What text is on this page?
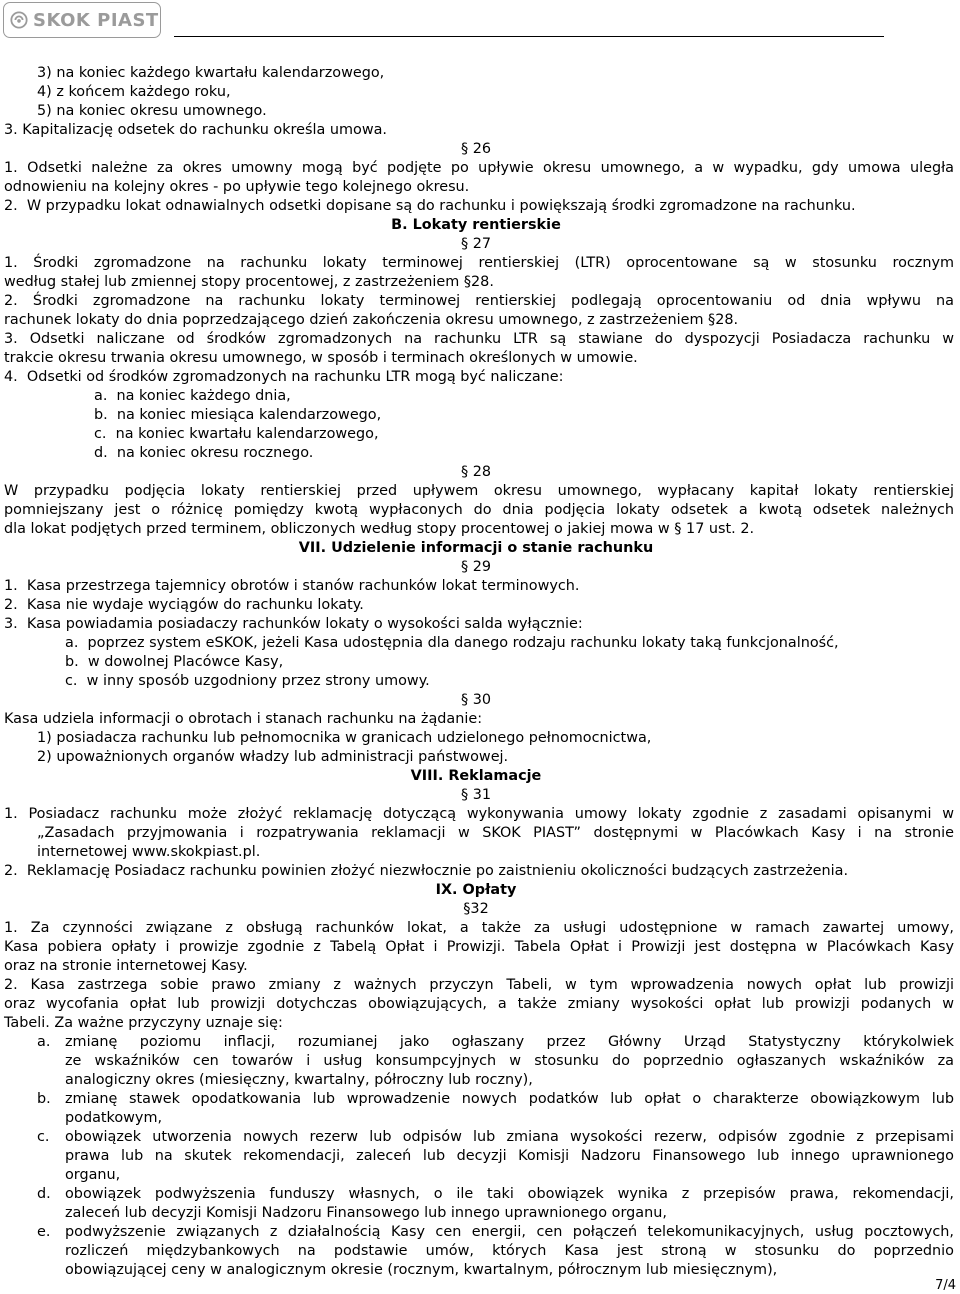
SKOK PIAST

3) na koniec każdego kwartału kalendarzowego,

4) z końcem każdego roku,

5) na koniec okresu umownego.

3. Kapitalizację odsetek do rachunku określa umowa.

§ 26

1. Odsetki należne za okres umowny mogą być podjęte po upływie okresu umownego, a w wypadku, gdy umowa uległa

odnowieniu na kolejny okres - po upływie tego kolejnego okresu.

2.  W przypadku lokat odnawialnych odsetki dopisane są do rachunku i powiększają środki zgromadzone na rachunku.

B. Lokaty rentierskie

§ 27

1. Środki zgromadzone na rachunku lokaty terminowej rentierskiej (LTR) oprocentowane są w stosunku rocznym

według stałej lub zmiennej stopy procentowej, z zastrzeżeniem §28.

2. Środki zgromadzone na rachunku lokaty terminowej rentierskiej podlegają oprocentowaniu od dnia wpływu na

rachunek lokaty do dnia poprzedzającego dzień zakończenia okresu umownego, z zastrzeżeniem §28.

3. Odsetki naliczane od środków zgromadzonych na rachunku LTR są stawiane do dyspozycji Posiadacza rachunku w

trakcie okresu trwania okresu umownego, w sposób i terminach określonych w umowie.

4.  Odsetki od środków zgromadzonych na rachunku LTR mogą być naliczane:

a.  na koniec każdego dnia,

b.  na koniec miesiąca kalendarzowego,

c.  na koniec kwartału kalendarzowego,

d.  na koniec okresu rocznego.

§ 28

W przypadku podjęcia lokaty rentierskiej przed upływem okresu umownego, wypłacany kapitał lokaty rentierskiej

pomniejszany jest o różnicę pomiędzy kwotą wypłaconych do dnia podjęcia lokaty odsetek a kwotą odsetek należnych

dla lokat podjętych przed terminem, obliczonych według stopy procentowej o jakiej mowa w § 17 ust. 2.

VII. Udzielenie informacji o stanie rachunku

§ 29

1.  Kasa przestrzega tajemnicy obrotów i stanów rachunków lokat terminowych.

2.  Kasa nie wydaje wyciągów do rachunku lokaty.

3.  Kasa powiadamia posiadaczy rachunków lokaty o wysokości salda wyłącznie:

a.  poprzez system eSKOK, jeżeli Kasa udostępnia dla danego rodzaju rachunku lokaty taką funkcjonalność,

b.  w dowolnej Placówce Kasy,

c.  w inny sposób uzgodniony przez strony umowy.

§ 30

Kasa udziela informacji o obrotach i stanach rachunku na żądanie:

1) posiadacza rachunku lub pełnomocnika w granicach udzielonego pełnomocnictwa,

2) upoważnionych organów władzy lub administracji państwowej.

VIII. Reklamacje

§ 31

1. Posiadacz rachunku może złożyć reklamację dotyczącą wykonywania umowy lokaty zgodnie z zasadami opisanymi w

„Zasadach przyjmowania i rozpatrywania reklamacji w SKOK PIAST” dostępnymi w Placówkach Kasy i na stronie

internetowej www.skokpiast.pl.

2.  Reklamację Posiadacz rachunku powinien złożyć niezwłocznie po zaistnieniu okoliczności budzących zastrzeżenia.

IX. Opłaty

§32

1. Za czynności związane z obsługą rachunków lokat, a także za usługi udostępnione w ramach zawartej umowy,

Kasa pobiera opłaty i prowizje zgodnie z Tabelą Opłat i Prowizji. Tabela Opłat i Prowizji jest dostępna w Placówkach Kasy

oraz na stronie internetowej Kasy.

2. Kasa zastrzega sobie prawo zmiany z ważnych przyczyn Tabeli, w tym wprowadzenia nowych opłat lub prowizji

oraz wycofania opłat lub prowizji dotychczas obowiązujących, a także zmiany wysokości opłat lub prowizji podanych w

Tabeli. Za ważne przyczyny uznaje się:

a. zmianę poziomu inflacji, rozumianej jako ogłaszany przez Główny Urząd Statystyczny którykolwiek

ze wskaźników cen towarów i usług konsumpcyjnych w stosunku do poprzednio ogłaszanych wskaźników za

analogiczny okres (miesięczny, kwartalny, półroczny lub roczny),

b. zmianę stawek opodatkowania lub wprowadzenie nowych podatków lub opłat o charakterze obowiązkowym lub

podatkowym,

c. obowiązek utworzenia nowych rezerw lub odpisów lub zmiana wysokości rezerw, odpisów zgodnie z przepisami

prawa lub na skutek rekomendacji, zaleceń lub decyzji Komisji Nadzoru Finansowego lub innego uprawnionego

organu,

d. obowiązek podwyższenia funduszy własnych, o ile taki obowiązek wynika z przepisów prawa, rekomendacji,

zaleceń lub decyzji Komisji Nadzoru Finansowego lub innego uprawnionego organu,

e. podwyższenie związanych z działalnością Kasy cen energii, cen połączeń telekomunikacyjnych, usług pocztowych,

rozliczeń międzybankowych na podstawie umów, których Kasa jest stroną w stosunku do poprzednio

obowiązującej ceny w analogicznym okresie (rocznym, kwartalnym, półrocznym lub miesięcznym),

7/4
